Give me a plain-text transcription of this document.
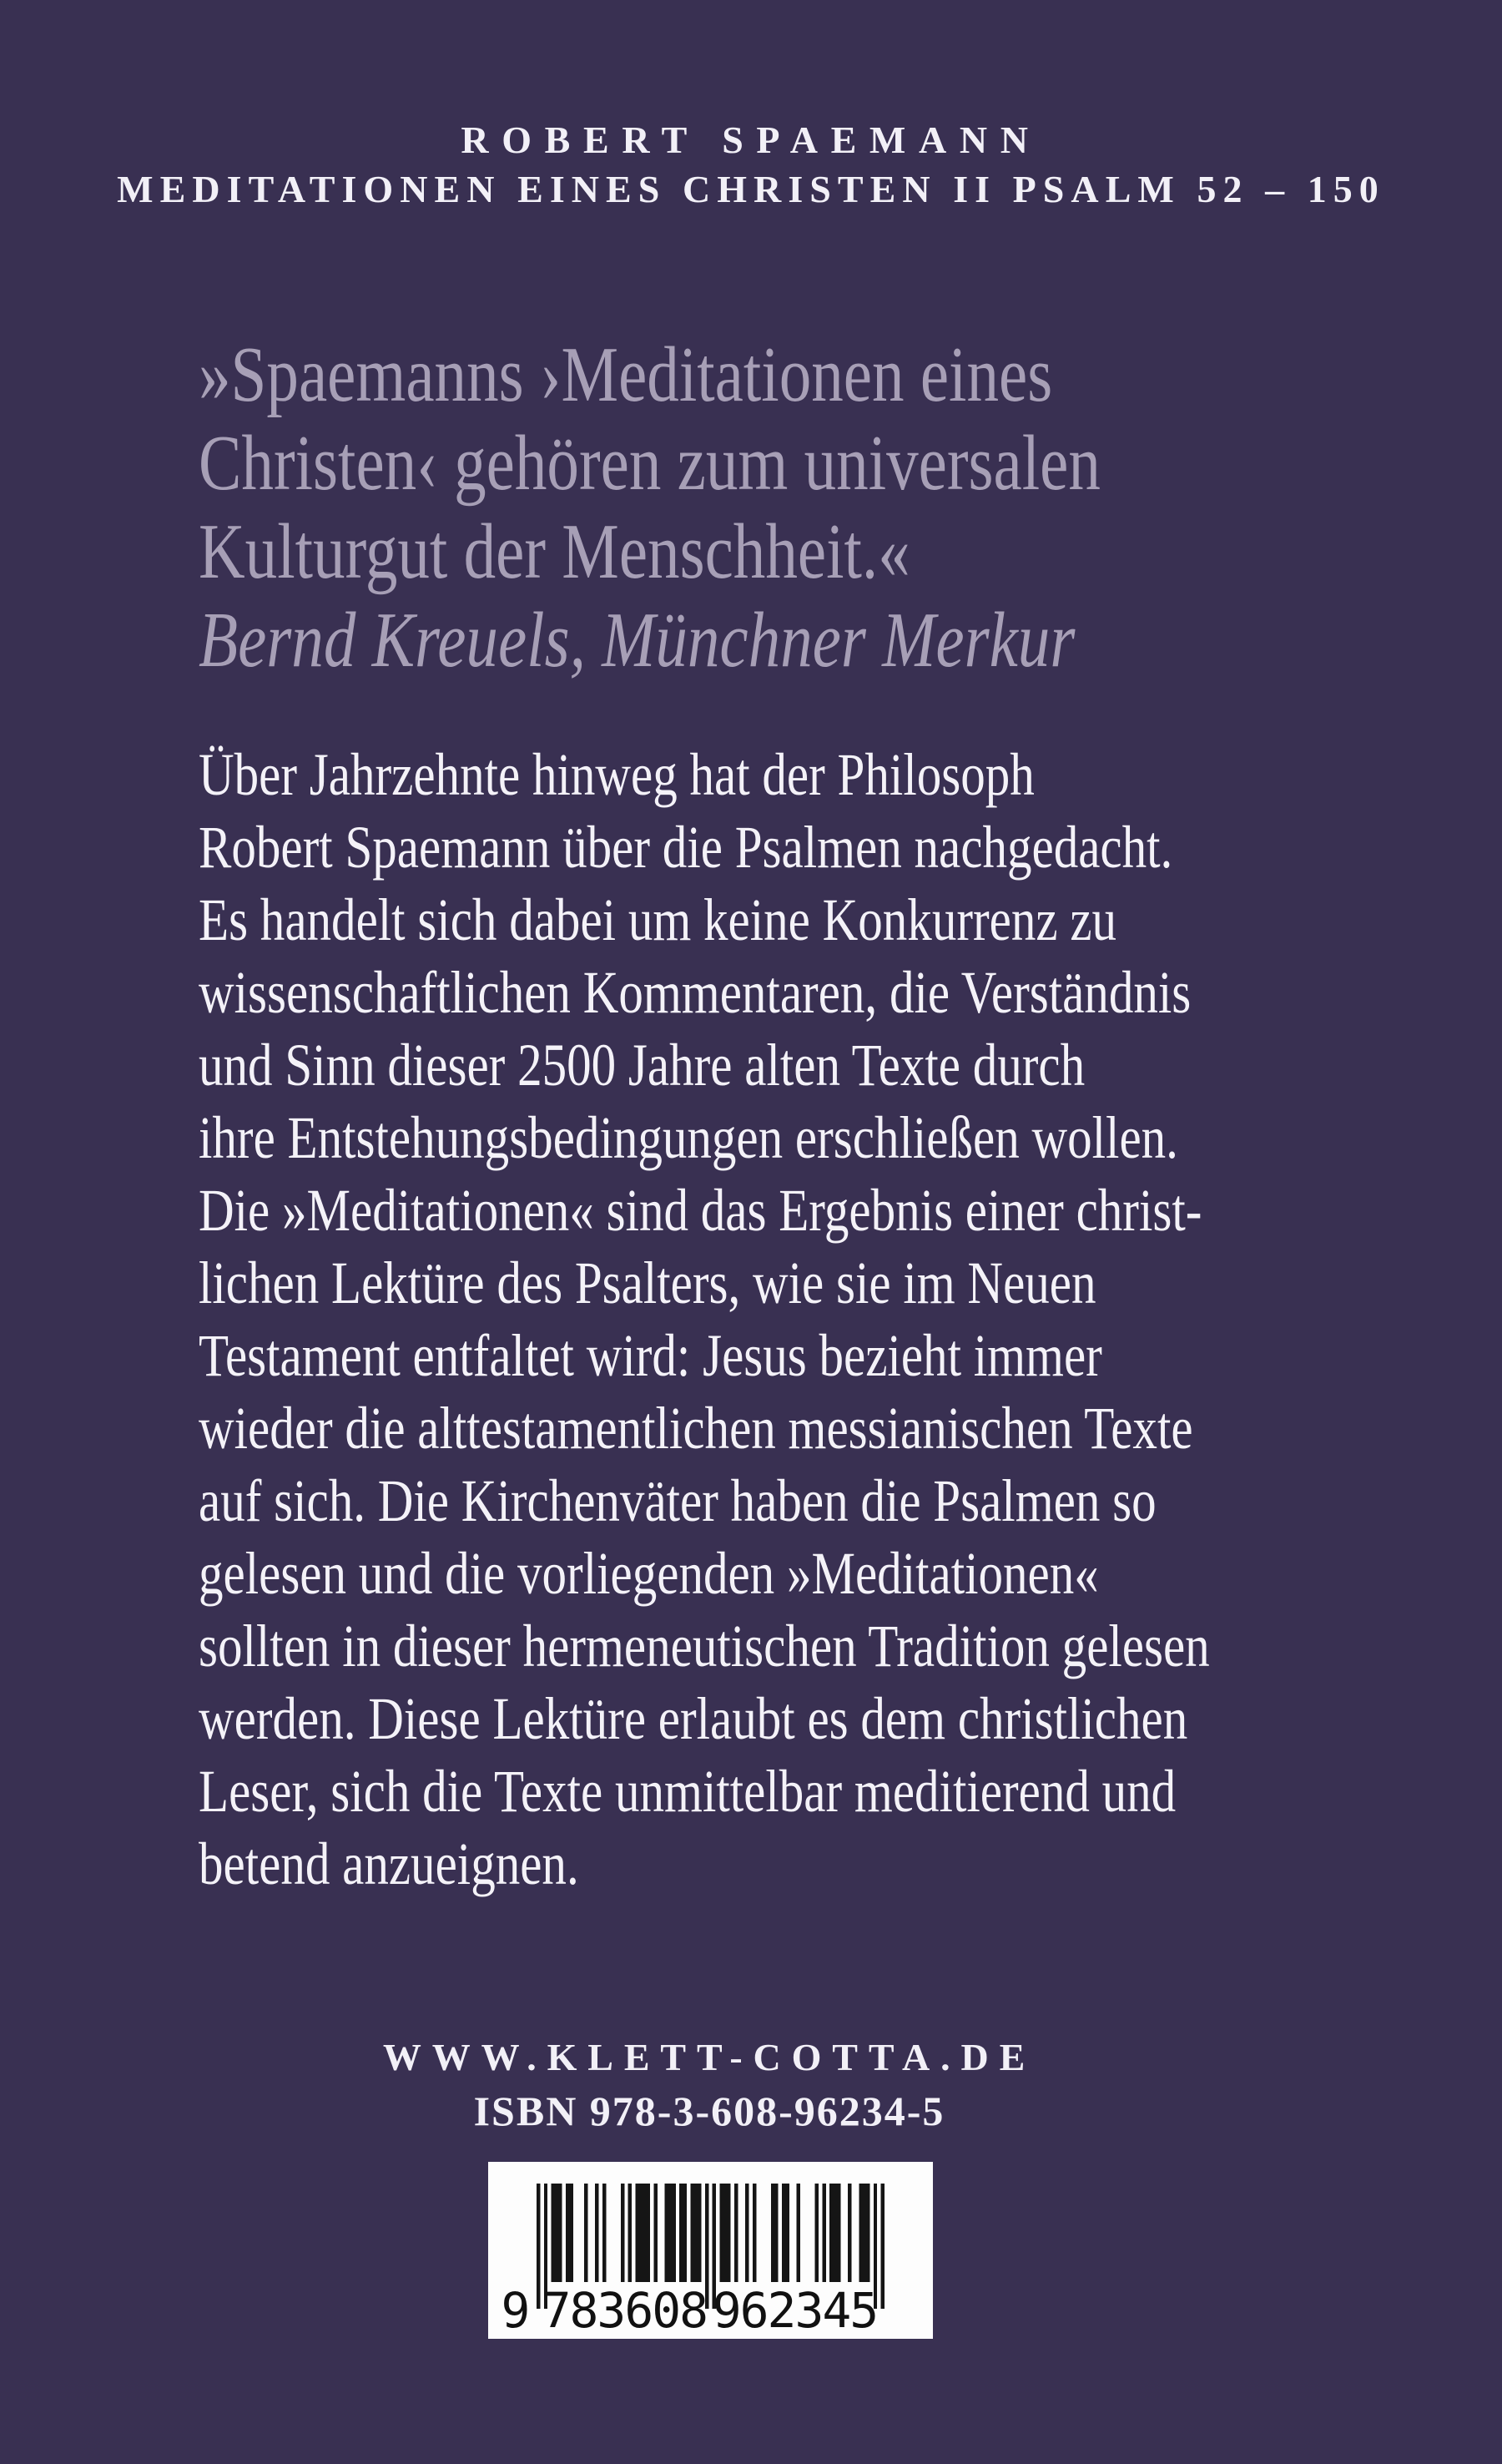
ROBERT SPAEMANN
MEDITATIONEN EINES CHRISTEN II PSALM 52 – 150
»Spaemanns ›Meditationen eines
Christen‹ gehören zum universalen
Kulturgut der Menschheit.«
Bernd Kreuels, Münchner Merkur
Über Jahrzehnte hinweg hat der Philosoph
Robert Spaemann über die Psalmen nachgedacht.
Es handelt sich dabei um keine Konkurrenz zu
wissenschaftlichen Kommentaren, die Verständnis
und Sinn dieser 2500 Jahre alten Texte durch
ihre Entstehungsbedingungen erschließen wollen.
Die »Meditationen« sind das Ergebnis einer christ-
lichen Lektüre des Psalters, wie sie im Neuen
Testament entfaltet wird: Jesus bezieht immer
wieder die alttestamentlichen messianischen Texte
auf sich. Die Kirchenväter haben die Psalmen so
gelesen und die vorliegenden »Meditationen«
sollten in dieser hermeneutischen Tradition gelesen
werden. Diese Lektüre erlaubt es dem christlichen
Leser, sich die Texte unmittelbar meditierend und
betend anzueignen.
WWW.KLETT-COTTA.DE
ISBN 978-3-608-96234-5
9 783608 962345
